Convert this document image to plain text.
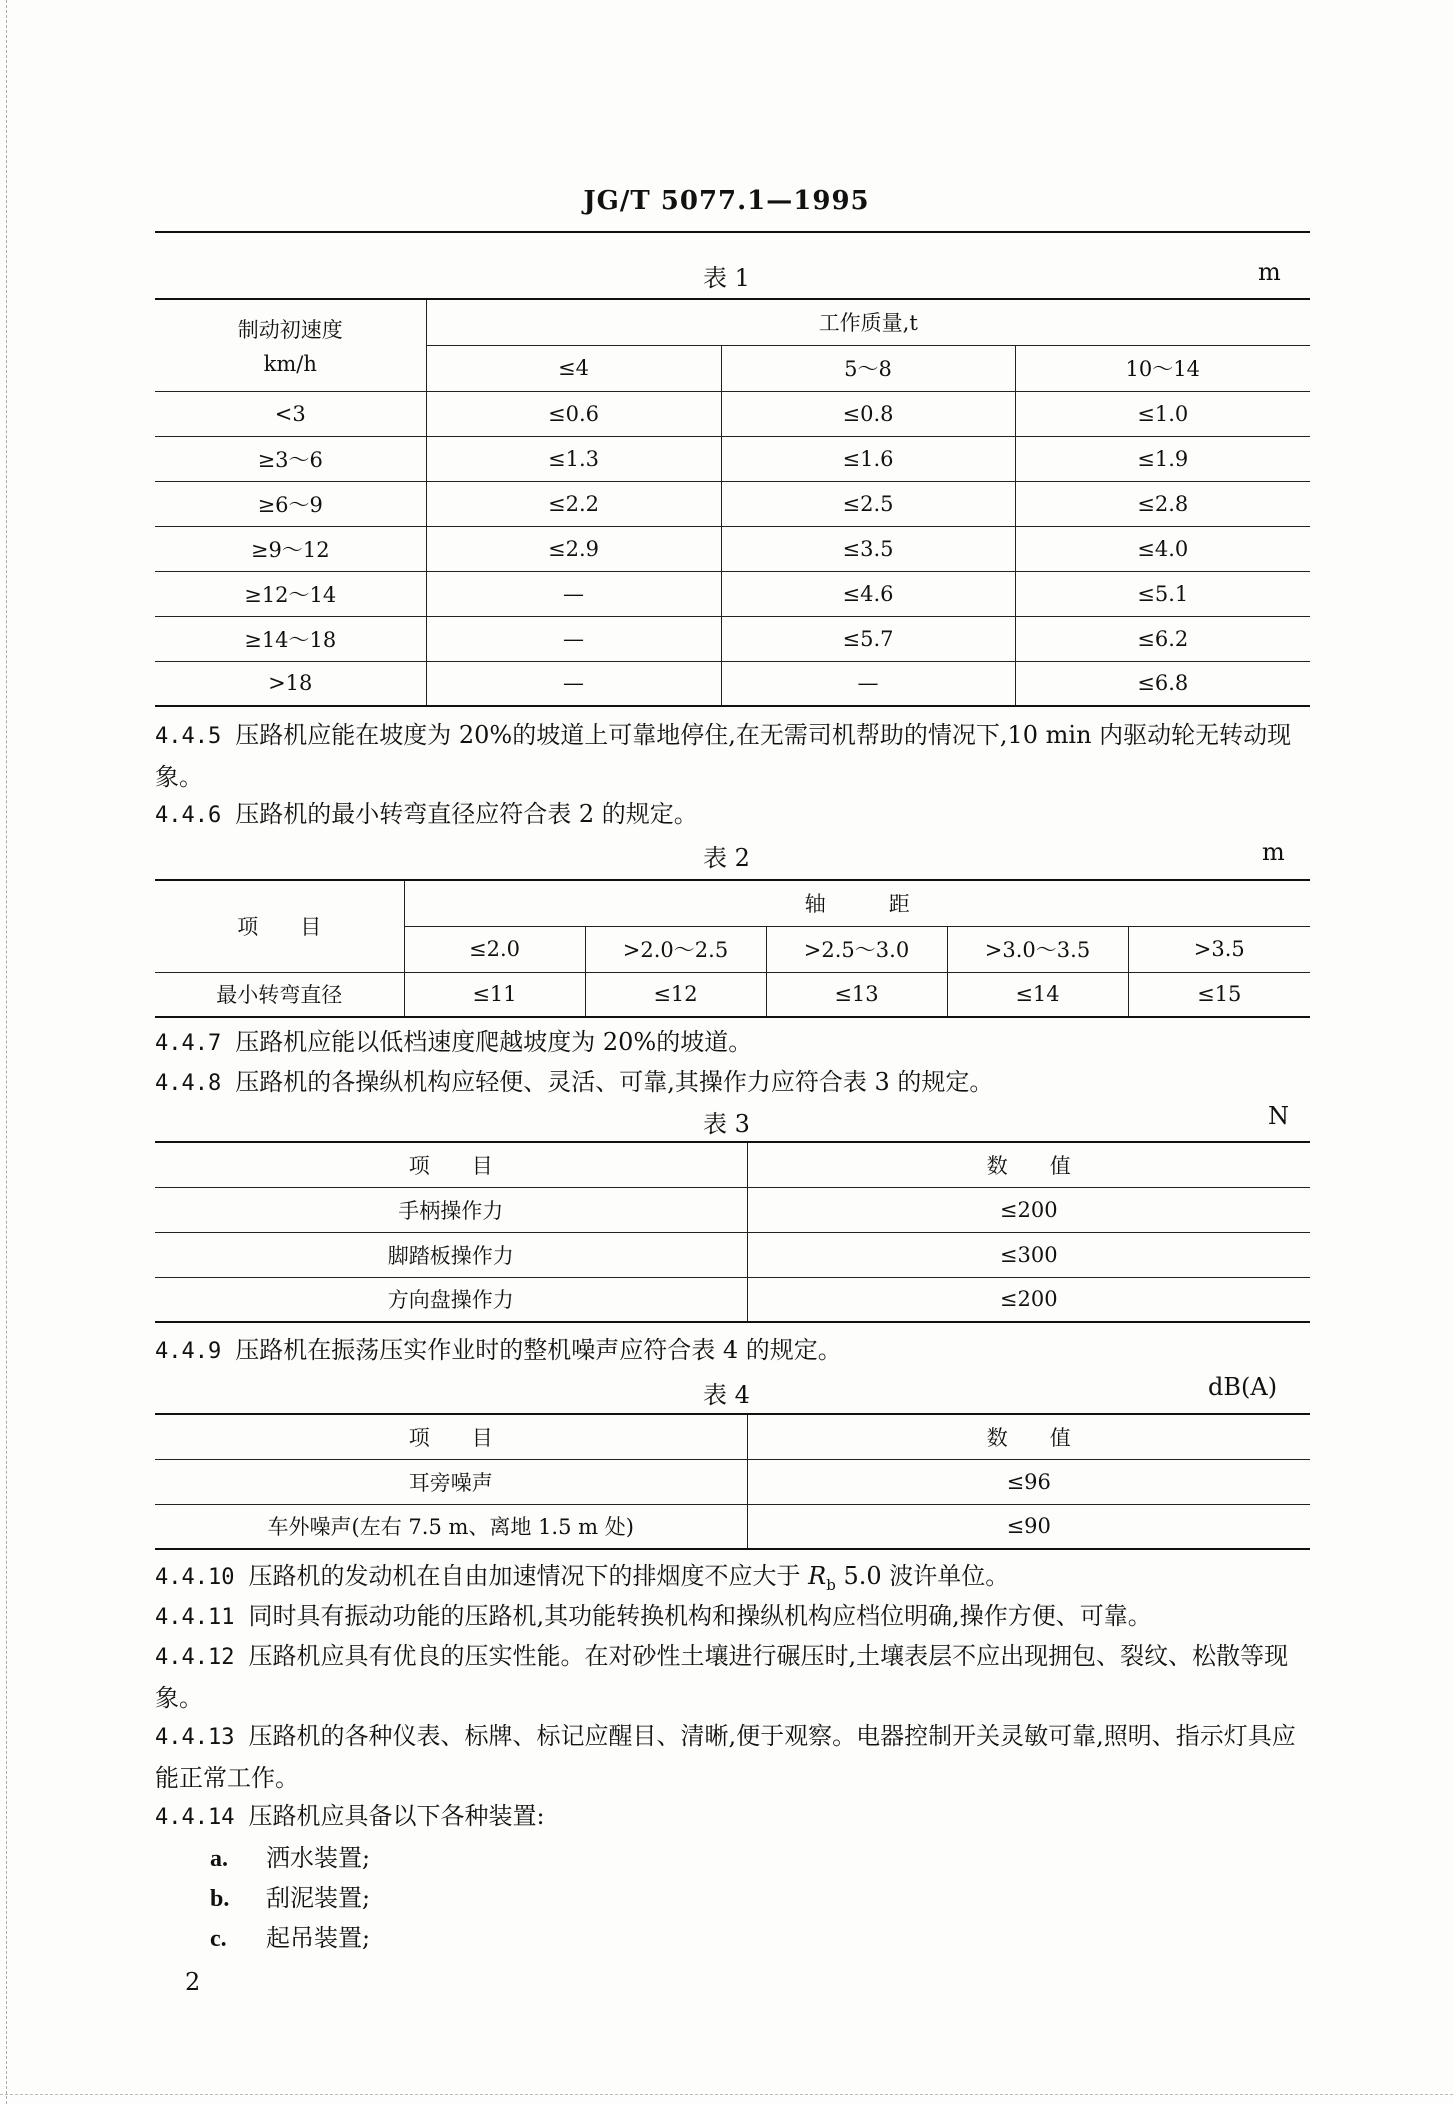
JG/T 5077.1—1995
表 1	m
制动初速度
km/h	工作质量,t		
	≤4	5～8	10～14
<3	≤0.6	≤0.8	≤1.0
≥3～6	≤1.3	≤1.6	≤1.9
≥6～9	≤2.2	≤2.5	≤2.8
≥9～12	≤2.9	≤3.5	≤4.0
≥12～14	—	≤4.6	≤5.1
≥14～18	—	≤5.7	≤6.2
>18	—	—	≤6.8
4.4.5 压路机应能在坡度为 20%的坡道上可靠地停住,在无需司机帮助的情况下,10 min 内驱动轮无转动现象。
4.4.6 压路机的最小转弯直径应符合表 2 的规定。
表 2	m
项　　目	轴　　　距				
	≤2.0	>2.0～2.5	>2.5～3.0	>3.0～3.5	>3.5
最小转弯直径	≤11	≤12	≤13	≤14	≤15
4.4.7 压路机应能以低档速度爬越坡度为 20%的坡道。
4.4.8 压路机的各操纵机构应轻便、灵活、可靠,其操作力应符合表 3 的规定。
表 3	N
项　　目	数　　值
手柄操作力	≤200
脚踏板操作力	≤300
方向盘操作力	≤200
4.4.9 压路机在振荡压实作业时的整机噪声应符合表 4 的规定。
表 4	dB(A)
项　　目	数　　值
耳旁噪声	≤96
车外噪声(左右 7.5 m、离地 1.5 m 处)	≤90
4.4.10 压路机的发动机在自由加速情况下的排烟度不应大于 $R_b$ 5.0 波许单位。
4.4.11 同时具有振动功能的压路机,其功能转换机构和操纵机构应档位明确,操作方便、可靠。
4.4.12 压路机应具有优良的压实性能。在对砂性土壤进行碾压时,土壤表层不应出现拥包、裂纹、松散等现象。
4.4.13 压路机的各种仪表、标牌、标记应醒目、清晰,便于观察。电器控制开关灵敏可靠,照明、指示灯具应能正常工作。
4.4.14 压路机应具备以下各种装置:
a. 洒水装置;
b. 刮泥装置;
c. 起吊装置;
2
